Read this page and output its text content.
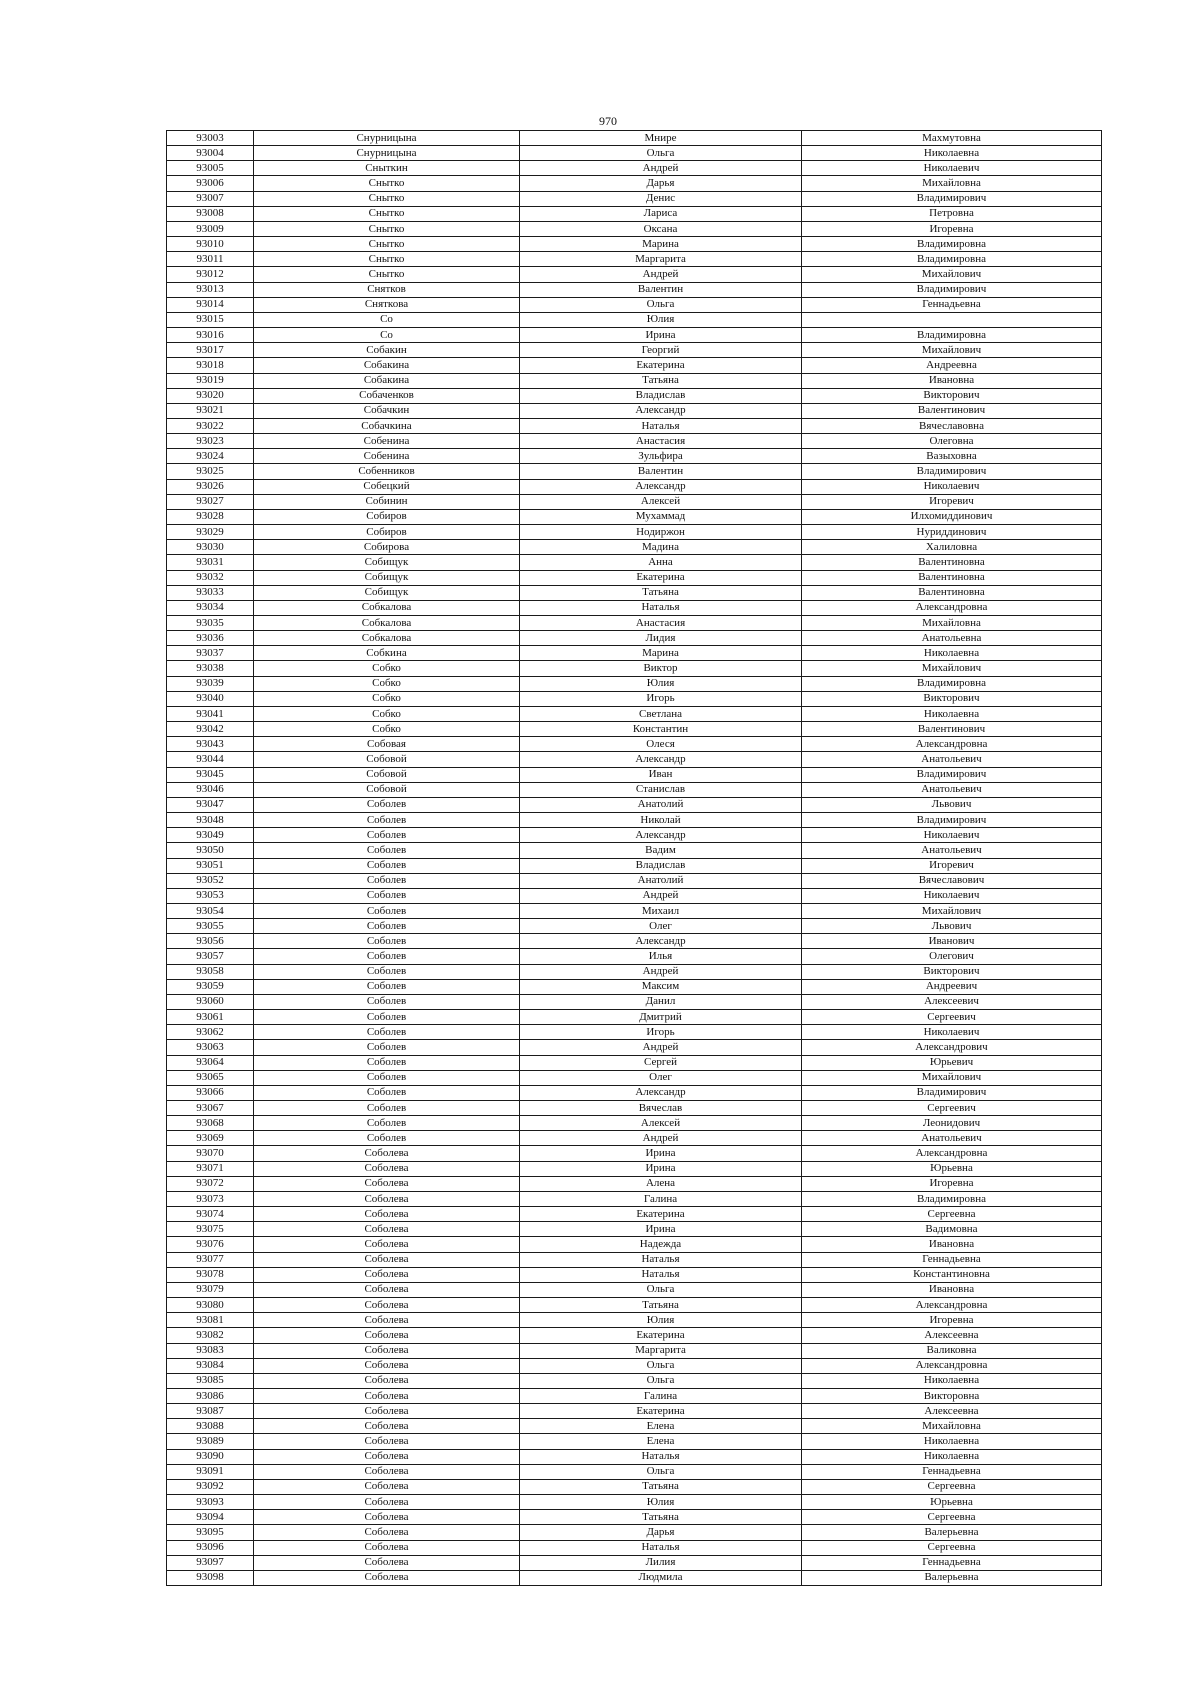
970
93003	Снурницына	Мнире	Махмутовна
93004	Снурницына	Ольга	Николаевна
93005	Сныткин	Андрей	Николаевич
93006	Снытко	Дарья	Михайловна
93007	Снытко	Денис	Владимирович
93008	Снытко	Лариса	Петровна
93009	Снытко	Оксана	Игоревна
93010	Снытко	Марина	Владимировна
93011	Снытко	Маргарита	Владимировна
93012	Снытко	Андрей	Михайлович
93013	Снятков	Валентин	Владимирович
93014	Сняткова	Ольга	Геннадьевна
93015	Со	Юлия	
93016	Со	Ирина	Владимировна
93017	Собакин	Георгий	Михайлович
93018	Собакина	Екатерина	Андреевна
93019	Собакина	Татьяна	Ивановна
93020	Собаченков	Владислав	Викторович
93021	Собачкин	Александр	Валентинович
93022	Собачкина	Наталья	Вячеславовна
93023	Собенина	Анастасия	Олеговна
93024	Собенина	Зульфира	Вазыховна
93025	Собенников	Валентин	Владимирович
93026	Собецкий	Александр	Николаевич
93027	Собинин	Алексей	Игоревич
93028	Собиров	Мухаммад	Илхомиддинович
93029	Собиров	Нодиржон	Нуриддинович
93030	Собирова	Мадина	Халиловна
93031	Собищук	Анна	Валентиновна
93032	Собищук	Екатерина	Валентиновна
93033	Собищук	Татьяна	Валентиновна
93034	Собкалова	Наталья	Александровна
93035	Собкалова	Анастасия	Михайловна
93036	Собкалова	Лидия	Анатольевна
93037	Собкина	Марина	Николаевна
93038	Собко	Виктор	Михайлович
93039	Собко	Юлия	Владимировна
93040	Собко	Игорь	Викторович
93041	Собко	Светлана	Николаевна
93042	Собко	Константин	Валентинович
93043	Собовая	Олеся	Александровна
93044	Собовой	Александр	Анатольевич
93045	Собовой	Иван	Владимирович
93046	Собовой	Станислав	Анатольевич
93047	Соболев	Анатолий	Львович
93048	Соболев	Николай	Владимирович
93049	Соболев	Александр	Николаевич
93050	Соболев	Вадим	Анатольевич
93051	Соболев	Владислав	Игоревич
93052	Соболев	Анатолий	Вячеславович
93053	Соболев	Андрей	Николаевич
93054	Соболев	Михаил	Михайлович
93055	Соболев	Олег	Львович
93056	Соболев	Александр	Иванович
93057	Соболев	Илья	Олегович
93058	Соболев	Андрей	Викторович
93059	Соболев	Максим	Андреевич
93060	Соболев	Данил	Алексеевич
93061	Соболев	Дмитрий	Сергеевич
93062	Соболев	Игорь	Николаевич
93063	Соболев	Андрей	Александрович
93064	Соболев	Сергей	Юрьевич
93065	Соболев	Олег	Михайлович
93066	Соболев	Александр	Владимирович
93067	Соболев	Вячеслав	Сергеевич
93068	Соболев	Алексей	Леонидович
93069	Соболев	Андрей	Анатольевич
93070	Соболева	Ирина	Александровна
93071	Соболева	Ирина	Юрьевна
93072	Соболева	Алена	Игоревна
93073	Соболева	Галина	Владимировна
93074	Соболева	Екатерина	Сергеевна
93075	Соболева	Ирина	Вадимовна
93076	Соболева	Надежда	Ивановна
93077	Соболева	Наталья	Геннадьевна
93078	Соболева	Наталья	Константиновна
93079	Соболева	Ольга	Ивановна
93080	Соболева	Татьяна	Александровна
93081	Соболева	Юлия	Игоревна
93082	Соболева	Екатерина	Алексеевна
93083	Соболева	Маргарита	Валиковна
93084	Соболева	Ольга	Александровна
93085	Соболева	Ольга	Николаевна
93086	Соболева	Галина	Викторовна
93087	Соболева	Екатерина	Алексеевна
93088	Соболева	Елена	Михайловна
93089	Соболева	Елена	Николаевна
93090	Соболева	Наталья	Николаевна
93091	Соболева	Ольга	Геннадьевна
93092	Соболева	Татьяна	Сергеевна
93093	Соболева	Юлия	Юрьевна
93094	Соболева	Татьяна	Сергеевна
93095	Соболева	Дарья	Валерьевна
93096	Соболева	Наталья	Сергеевна
93097	Соболева	Лилия	Геннадьевна
93098	Соболева	Людмила	Валерьевна
